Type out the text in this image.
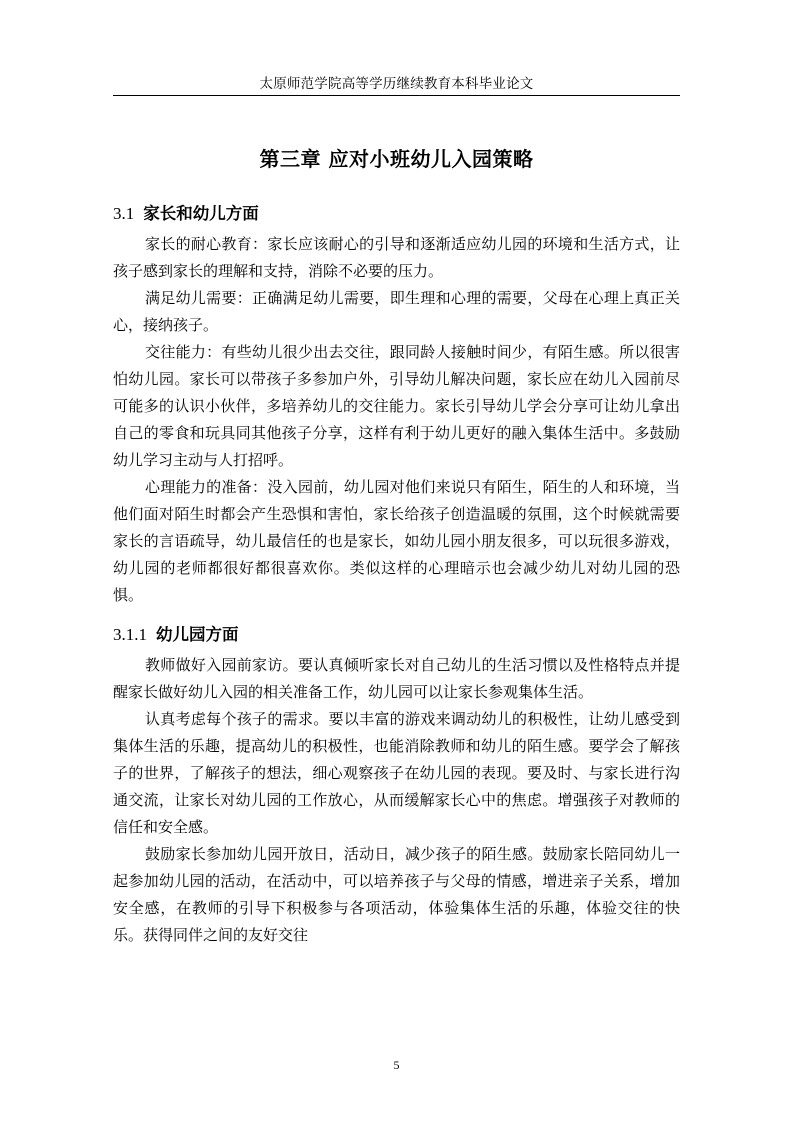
太原师范学院高等学历继续教育本科毕业论文
第三章 应对小班幼儿入园策略
3.1 家长和幼儿方面

家长的耐心教育：家长应该耐心的引导和逐渐适应幼儿园的环境和生活方式，让孩子感到家长的理解和支持，消除不必要的压力。

满足幼儿需要：正确满足幼儿需要，即生理和心理的需要，父母在心理上真正关心，接纳孩子。

交往能力：有些幼儿很少出去交往，跟同龄人接触时间少，有陌生感。所以很害怕幼儿园。家长可以带孩子多参加户外，引导幼儿解决问题，家长应在幼儿入园前尽可能多的认识小伙伴，多培养幼儿的交往能力。家长引导幼儿学会分享可让幼儿拿出自己的零食和玩具同其他孩子分享，这样有利于幼儿更好的融入集体生活中。多鼓励幼儿学习主动与人打招呼。

心理能力的准备：没入园前，幼儿园对他们来说只有陌生，陌生的人和环境，当他们面对陌生时都会产生恐惧和害怕，家长给孩子创造温暖的氛围，这个时候就需要家长的言语疏导，幼儿最信任的也是家长，如幼儿园小朋友很多，可以玩很多游戏，幼儿园的老师都很好都很喜欢你。类似这样的心理暗示也会减少幼儿对幼儿园的恐惧。

3.1.1 幼儿园方面

教师做好入园前家访。要认真倾听家长对自己幼儿的生活习惯以及性格特点并提醒家长做好幼儿入园的相关准备工作，幼儿园可以让家长参观集体生活。

认真考虑每个孩子的需求。要以丰富的游戏来调动幼儿的积极性，让幼儿感受到集体生活的乐趣，提高幼儿的积极性，也能消除教师和幼儿的陌生感。要学会了解孩子的世界，了解孩子的想法，细心观察孩子在幼儿园的表现。要及时、与家长进行沟通交流，让家长对幼儿园的工作放心，从而缓解家长心中的焦虑。增强孩子对教师的信任和安全感。

鼓励家长参加幼儿园开放日，活动日，减少孩子的陌生感。鼓励家长陪同幼儿一起参加幼儿园的活动，在活动中，可以培养孩子与父母的情感，增进亲子关系，增加安全感，在教师的引导下积极参与各项活动，体验集体生活的乐趣，体验交往的快乐。获得同伴之间的友好交往

5
